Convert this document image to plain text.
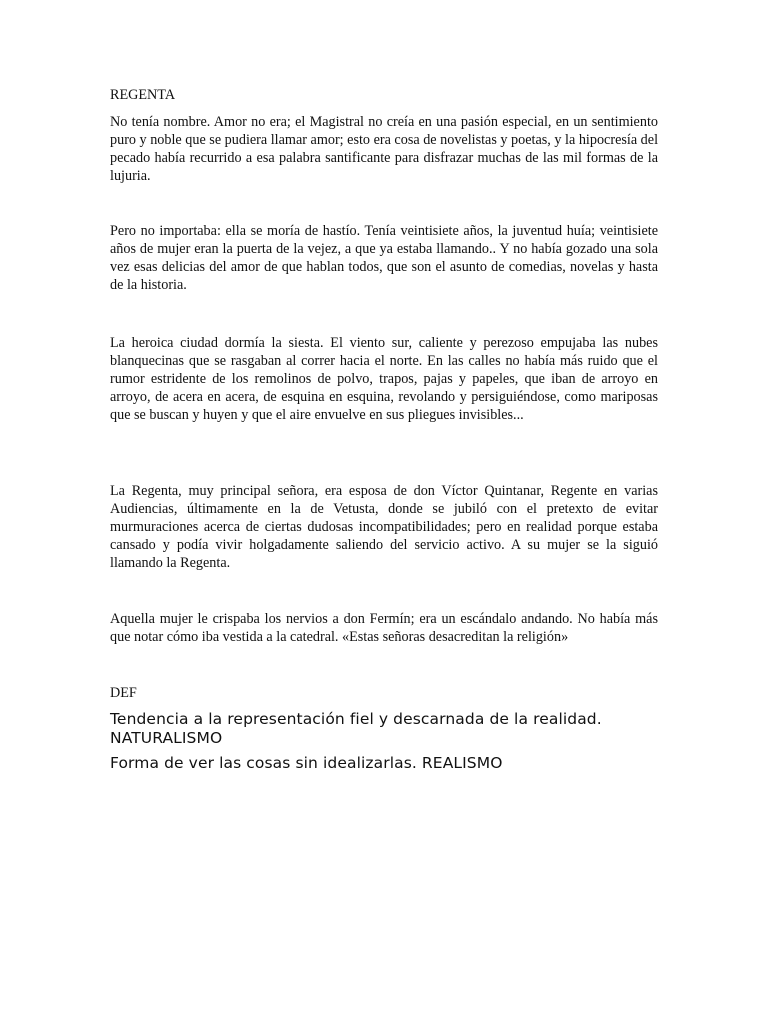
REGENTA

No tenía nombre. Amor no era; el Magistral no creía en una pasión especial, en un sentimiento puro y noble que se pudiera llamar amor; esto era cosa de novelistas y poetas, y la hipocresía del pecado había recurrido a esa palabra santificante para disfrazar muchas de las mil formas de la lujuria.

Pero no importaba: ella se moría de hastío. Tenía veintisiete años, la juventud huía; veintisiete años de mujer eran la puerta de la vejez, a que ya estaba llamando.. Y no había gozado una sola vez esas delicias del amor de que hablan todos, que son el asunto de comedias, novelas y hasta de la historia.

La heroica ciudad dormía la siesta. El viento sur, caliente y perezoso empujaba las nubes blanquecinas que se rasgaban al correr hacia el norte. En las calles no había más ruido que el rumor estridente de los remolinos de polvo, trapos, pajas y papeles, que iban de arroyo en arroyo, de acera en acera, de esquina en esquina, revolando y persiguiéndose, como mariposas que se buscan y huyen y que el aire envuelve en sus pliegues invisibles...

La Regenta, muy principal señora, era esposa de don Víctor Quintanar, Regente en varias Audiencias, últimamente en la de Vetusta, donde se jubiló con el pretexto de evitar murmuraciones acerca de ciertas dudosas incompatibilidades; pero en realidad porque estaba cansado y podía vivir holgadamente saliendo del servicio activo. A su mujer se la siguió llamando la Regenta.

Aquella mujer le crispaba los nervios a don Fermín; era un escándalo andando. No había más que notar cómo iba vestida a la catedral. «Estas señoras desacreditan la religión»

DEF

Tendencia a la representación fiel y descarnada de la realidad. NATURALISMO

Forma de ver las cosas sin idealizarlas. REALISMO
